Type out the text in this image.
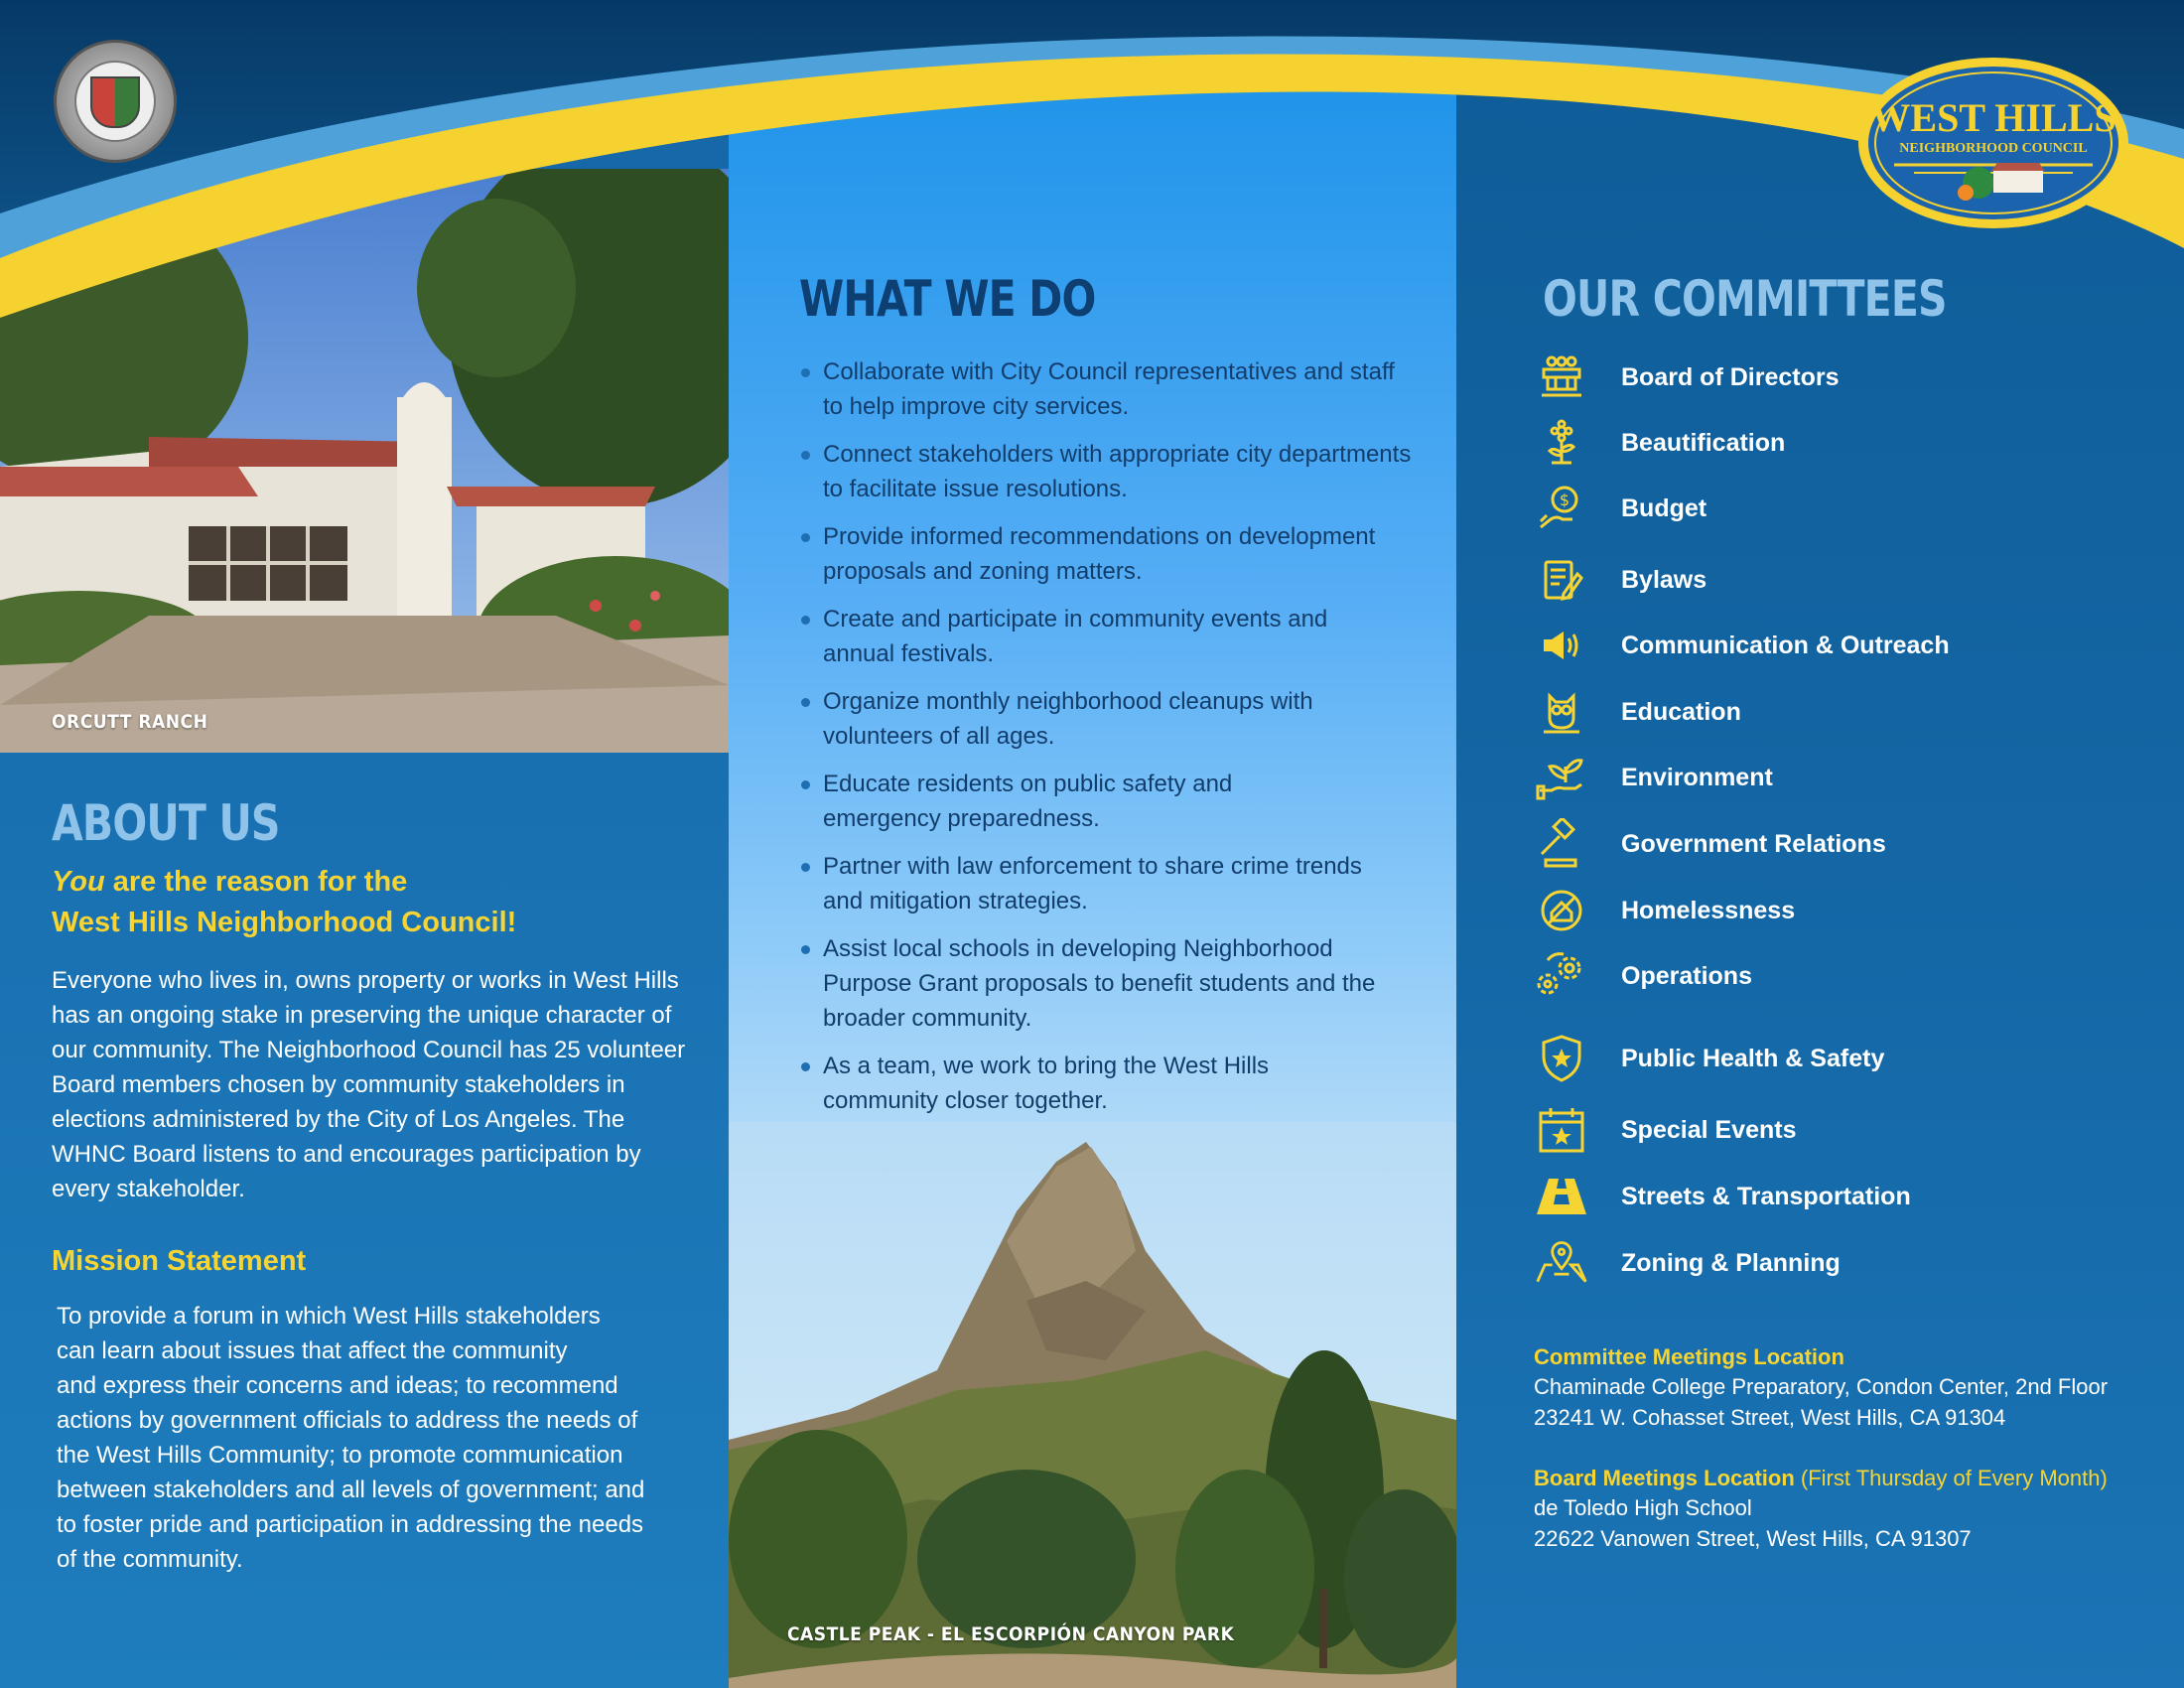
ORCUTT RANCH
WEST HILLS
NEIGHBORHOOD COUNCIL
ABOUT US
You are the reason for the
West Hills Neighborhood Council!
Everyone who lives in, owns property or works in West Hills
has an ongoing stake in preserving the unique character of
our community. The Neighborhood Council has 25 volunteer
Board members chosen by community stakeholders in
elections administered by the City of Los Angeles. The
WHNC Board listens to and encourages participation by
every stakeholder.
Mission Statement
To provide a forum in which West Hills stakeholders
can learn about issues that affect the community
and express their concerns and ideas; to recommend
actions by government officials to address the needs of
the West Hills Community; to promote communication
between stakeholders and all levels of government; and
to foster pride and participation in addressing the needs
of the community.
WHAT WE DO
Collaborate with City Council representatives and staff
to help improve city services.
Connect stakeholders with appropriate city departments
to facilitate issue resolutions.
Provide informed recommendations on development
proposals and zoning matters.
Create and participate in community events and
annual festivals.
Organize monthly neighborhood cleanups with
volunteers of all ages.
Educate residents on public safety and
emergency preparedness.
Partner with law enforcement to share crime trends
and mitigation strategies.
Assist local schools in developing Neighborhood
Purpose Grant proposals to benefit students and the
broader community.
As a team, we work to bring the West Hills
community closer together.
CASTLE PEAK - EL ESCORPIÓN CANYON PARK
OUR COMMITTEES
Board of Directors
Beautification
$ Budget
Bylaws
Communication & Outreach
Education
Environment
Government Relations
Homelessness
Operations
Public Health & Safety
Special Events
Streets & Transportation
Zoning & Planning
Committee Meetings Location
Chaminade College Preparatory, Condon Center, 2nd Floor
23241 W. Cohasset Street, West Hills, CA 91304
Board Meetings Location (First Thursday of Every Month)
de Toledo High School
22622 Vanowen Street, West Hills, CA 91307
